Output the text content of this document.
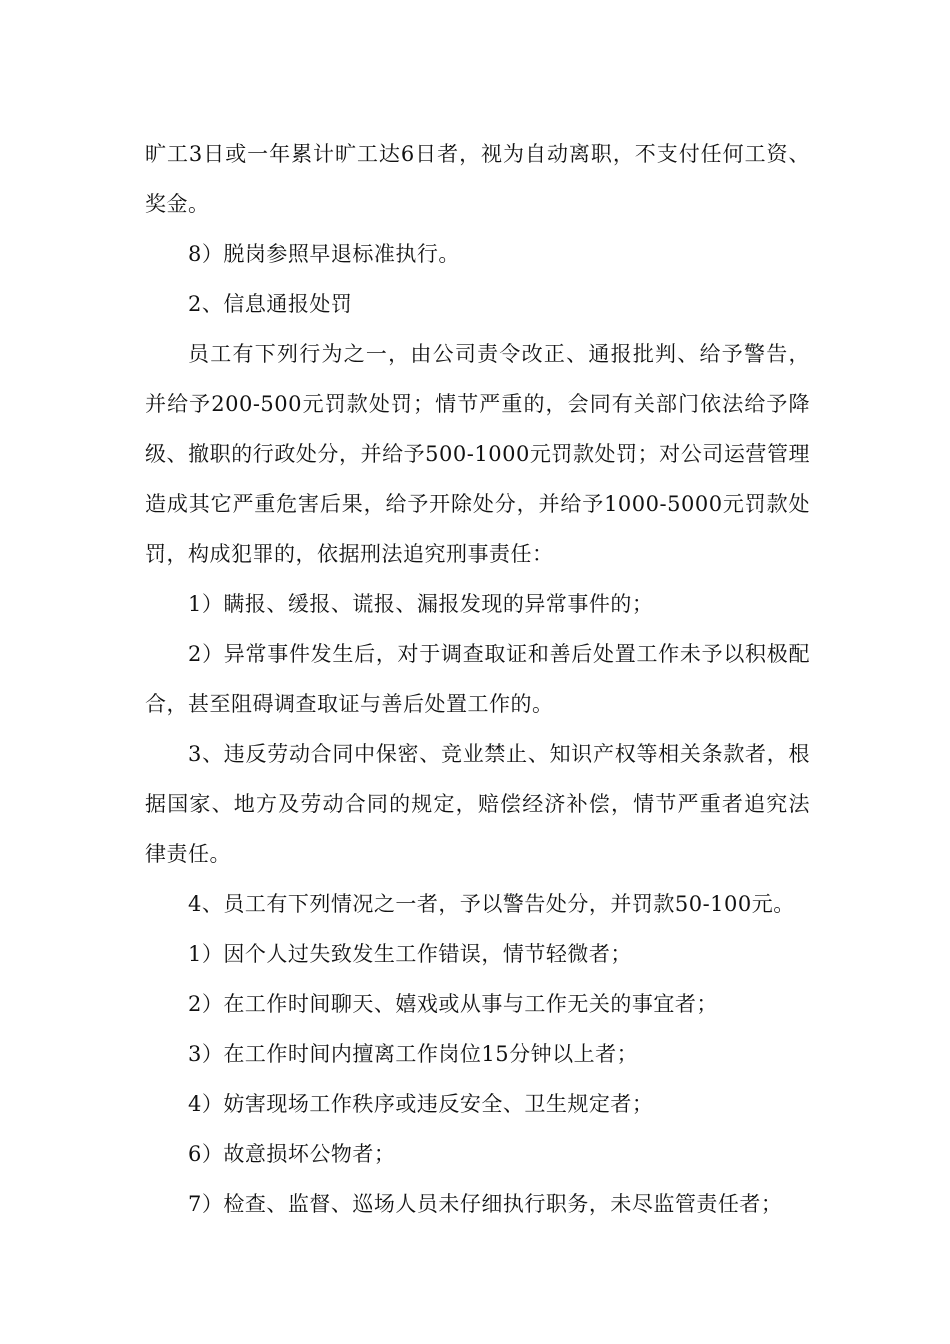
旷工3日或一年累计旷工达6日者，视为自动离职，不支付任何工资、奖金。

8）脱岗参照早退标准执行。

2、信息通报处罚

员工有下列行为之一，由公司责令改正、通报批判、给予警告，并给予200-500元罚款处罚；情节严重的，会同有关部门依法给予降级、撤职的行政处分，并给予500-1000元罚款处罚；对公司运营管理造成其它严重危害后果，给予开除处分，并给予1000-5000元罚款处罚，构成犯罪的，依据刑法追究刑事责任：

1）瞒报、缓报、谎报、漏报发现的异常事件的；

2）异常事件发生后，对于调查取证和善后处置工作未予以积极配合，甚至阻碍调查取证与善后处置工作的。

3、违反劳动合同中保密、竞业禁止、知识产权等相关条款者，根据国家、地方及劳动合同的规定，赔偿经济补偿，情节严重者追究法律责任。

4、员工有下列情况之一者，予以警告处分，并罚款50-100元。

1）因个人过失致发生工作错误，情节轻微者；

2）在工作时间聊天、嬉戏或从事与工作无关的事宜者；

3）在工作时间内擅离工作岗位15分钟以上者；

4）妨害现场工作秩序或违反安全、卫生规定者；

6）故意损坏公物者；

7）检查、监督、巡场人员未仔细执行职务，未尽监管责任者；
